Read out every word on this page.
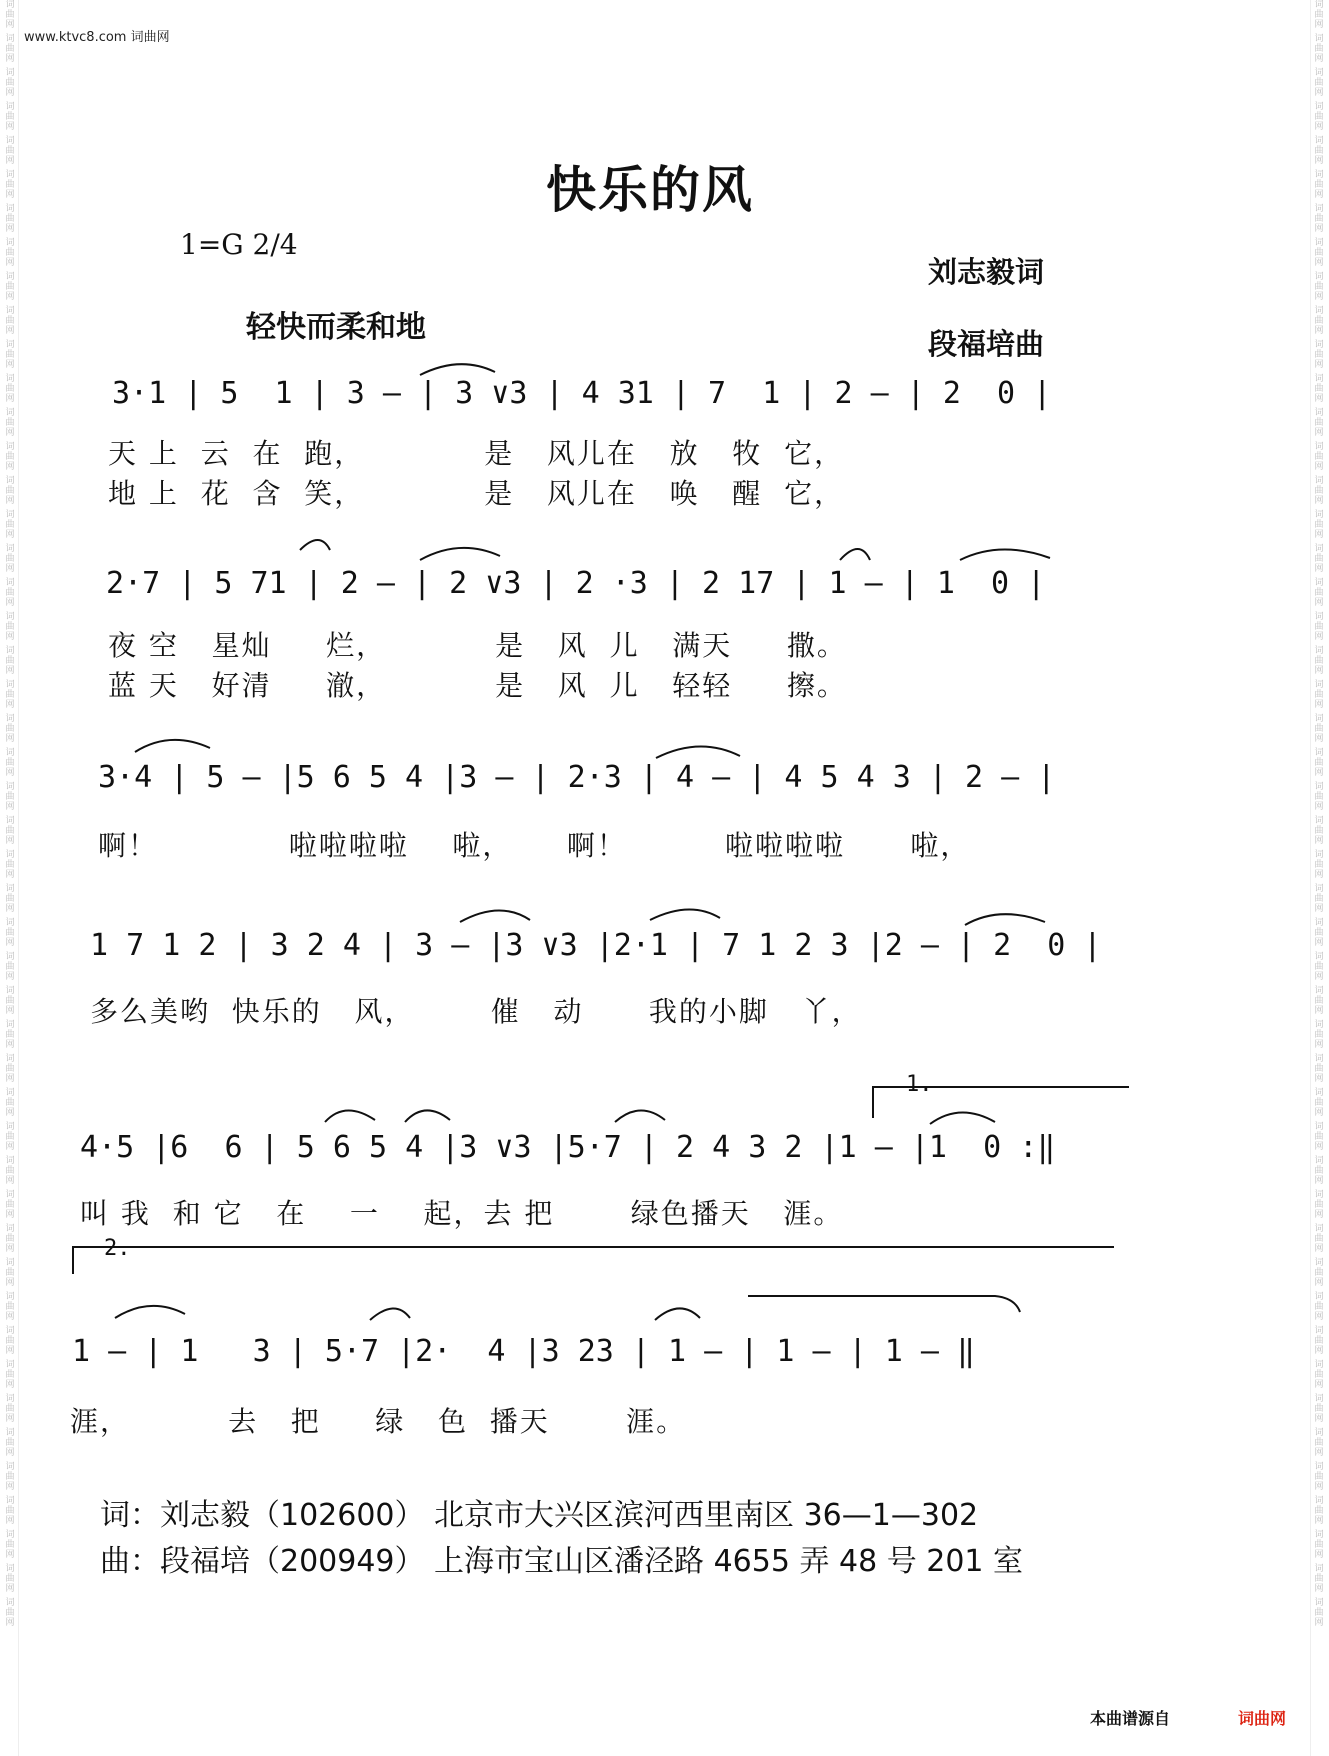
词曲网
词曲网
词曲网
词曲网
词曲网
词曲网
词曲网
词曲网
词曲网
词曲网
词曲网
词曲网
词曲网
词曲网
词曲网
词曲网
词曲网
词曲网
词曲网
词曲网
词曲网
词曲网
词曲网
词曲网
词曲网
词曲网
词曲网
词曲网
词曲网
词曲网
词曲网
词曲网
词曲网
词曲网
词曲网
词曲网
词曲网
词曲网
词曲网
词曲网
词曲网
词曲网
词曲网
词曲网
词曲网
词曲网
词曲网
词曲网
词曲网
词曲网
词曲网
词曲网
词曲网
词曲网
词曲网
词曲网
词曲网
词曲网
词曲网
词曲网
词曲网
词曲网
词曲网
词曲网
词曲网
词曲网
词曲网
词曲网
词曲网
词曲网
词曲网
词曲网
词曲网
词曲网
词曲网
词曲网
词曲网
词曲网
词曲网
词曲网
词曲网
词曲网
词曲网
词曲网
词曲网
词曲网
词曲网
词曲网
词曲网
词曲网
词曲网
词曲网
词曲网
词曲网
词曲网
词曲网
www.ktvc8.com 词曲网
快乐的风
1=G 2/4
轻快而柔和地
刘志毅词
段福培曲
3·1 | 5  1 | 3 — | 3 ∨3 | 4 31 | 7  1 | 2 — | 2  0 |
天 上  云  在  跑，           是   风儿在   放   牧  它，
地 上  花  含  笑，           是   风儿在   唤   醒  它，
2·7 | 5 71 | 2 — | 2 ∨3 | 2 ·3 | 2 17 | 1 — | 1  0 |
夜 空   星灿     烂，          是   风  儿   满天     撒。
蓝 天   好清     澈，          是   风  儿   轻轻     擦。
3·4 | 5 — |5 6 5 4 |3 — | 2·3 | 4 — | 4 5 4 3 | 2 — |
啊！            啦啦啦啦    啦，     啊！         啦啦啦啦      啦，
1 7 1 2 | 3 2 4 | 3 — |3 ∨3 |2·1 | 7 1 2 3 |2 — | 2  0 |
多么美哟  快乐的   风，       催   动      我的小脚   丫，
1.
4·5 |6  6 | 5 6 5 4 |3 ∨3 |5·7 | 2 4 3 2 |1 — |1  0 :‖
叫 我  和 它   在    一    起，去 把       绿色播天   涯。
2.
1 — | 1   3 | 5·7 |2·  4 |3 23 | 1 — | 1 — | 1 — ‖
涯，         去   把     绿   色  播天       涯。
词：刘志毅（102600） 北京市大兴区滨河西里南区 36—1—302
曲：段福培（200949） 上海市宝山区潘泾路 4655 弄 48 号 201 室
本曲谱源自	词曲网
